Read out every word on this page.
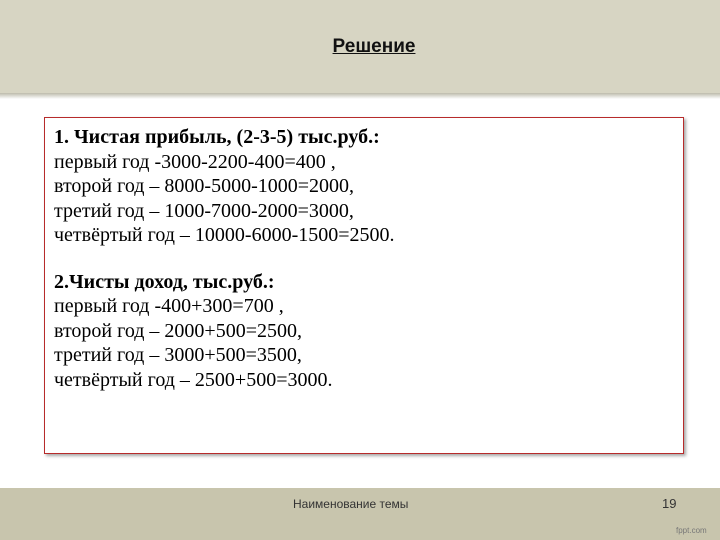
Решение
1. Чистая прибыль, (2-3-5) тыс.руб.:
первый год -3000-2200-400=400 ,
второй год – 8000-5000-1000=2000,
третий год – 1000-7000-2000=3000,
четвёртый год – 10000-6000-1500=2500.
2.Чисты доход, тыс.руб.:
первый год -400+300=700 ,
второй год – 2000+500=2500,
третий год – 3000+500=3500,
четвёртый год – 2500+500=3000.
Наименование темы	19
fppt.com
